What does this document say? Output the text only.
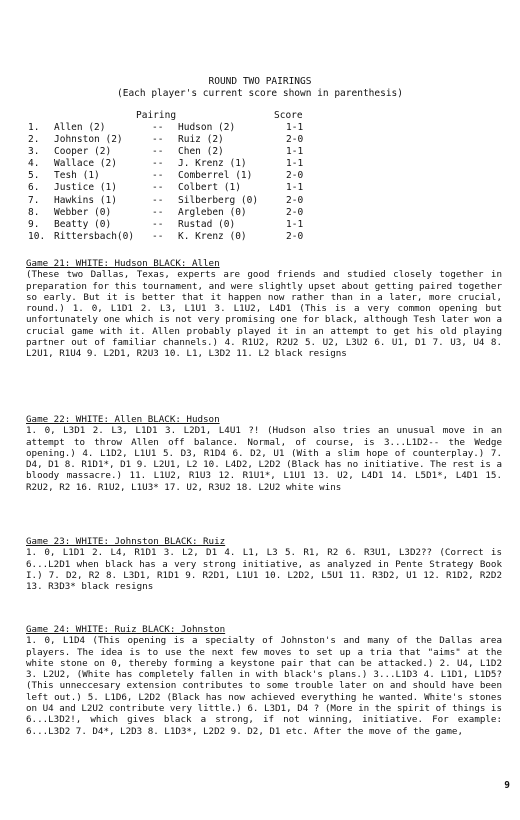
ROUND TWO PAIRINGS
(Each player's current score shown in parenthesis)
Pairing	Score
1. Allen (2)	-- Hudson (2)	1-1
2. Johnston (2)	-- Ruiz (2)	2-0
3. Cooper (2)	-- Chen (2)	1-1
4. Wallace (2)	-- J. Krenz (1)	1-1
5. Tesh (1)	-- Comberrel (1)	2-0
6. Justice (1)	-- Colbert (1)	1-1
7. Hawkins (1)	-- Silberberg (0)	2-0
8. Webber (0)	-- Argleben (0)	2-0
9. Beatty (0)	-- Rustad (0)	1-1
10. Rittersbach(0) -- K. Krenz (0)	2-0
Game 21: WHITE: Hudson BLACK: Allen

(These two Dallas, Texas, experts are good friends and studied closely together in preparation for this tournament, and were slightly upset about getting paired together so early. But it is better that it happen now rather than in a later, more crucial, round.) 1. 0, L1D1 2. L3, L1U1 3. L1U2, L4D1 (This is a very common opening but unfortunately one which is not very promising one for black, although Tesh later won a crucial game with it. Allen probably played it in an attempt to get his old playing partner out of familiar channels.) 4. R1U2, R2U2 5. U2, L3U2 6. U1, D1 7. U3, U4 8. L2U1, R1U4 9. L2D1, R2U3 10. L1, L3D2 11. L2 black resigns

Game 22: WHITE: Allen BLACK: Hudson

1. 0, L3D1 2. L3, L1D1 3. L2D1, L4U1 ?! (Hudson also tries an unusual move in an attempt to throw Allen off balance. Normal, of course, is 3...L1D2-- the Wedge opening.) 4. L1D2, L1U1 5. D3, R1D4 6. D2, U1 (With a slim hope of counterplay.) 7. D4, D1 8. R1D1*, D1 9. L2U1, L2 10. L4D2, L2D2 (Black has no initiative. The rest is a bloody massacre.) 11. L1U2, R1U3 12. R1U1*, L1U1 13. U2, L4D1 14. L5D1*, L4D1 15. R2U2, R2 16. R1U2, L1U3* 17. U2, R3U2 18. L2U2 white wins

Game 23: WHITE: Johnston BLACK: Ruiz

1. 0, L1D1 2. L4, R1D1 3. L2, D1 4. L1, L3 5. R1, R2 6. R3U1, L3D2?? (Correct is 6...L2D1 when black has a very strong initiative, as analyzed in Pente Strategy Book I.) 7. D2, R2 8. L3D1, R1D1 9. R2D1, L1U1 10. L2D2, L5U1 11. R3D2, U1 12. R1D2, R2D2 13. R3D3* black resigns

Game 24: WHITE: Ruiz BLACK: Johnston

1. 0, L1D4 (This opening is a specialty of Johnston's and many of the Dallas area players. The idea is to use the next few moves to set up a tria that "aims" at the white stone on 0, thereby forming a keystone pair that can be attacked.) 2. U4, L1D2 3. L2U2, (White has completely fallen in with black's plans.) 3...L1D3 4. L1D1, L1D5? (This unneccesary extension contributes to some trouble later on and should have been left out.) 5. L1D6, L2D2 (Black has now achieved everything he wanted. White's stones on U4 and L2U2 contribute very little.) 6. L3D1, D4 ? (More in the spirit of things is 6...L3D2!, which gives black a strong, if not winning, initiative. For example: 6...L3D2 7. D4*, L2D3 8. L1D3*, L2D2 9. D2, D1 etc. After the move of the game,

9
